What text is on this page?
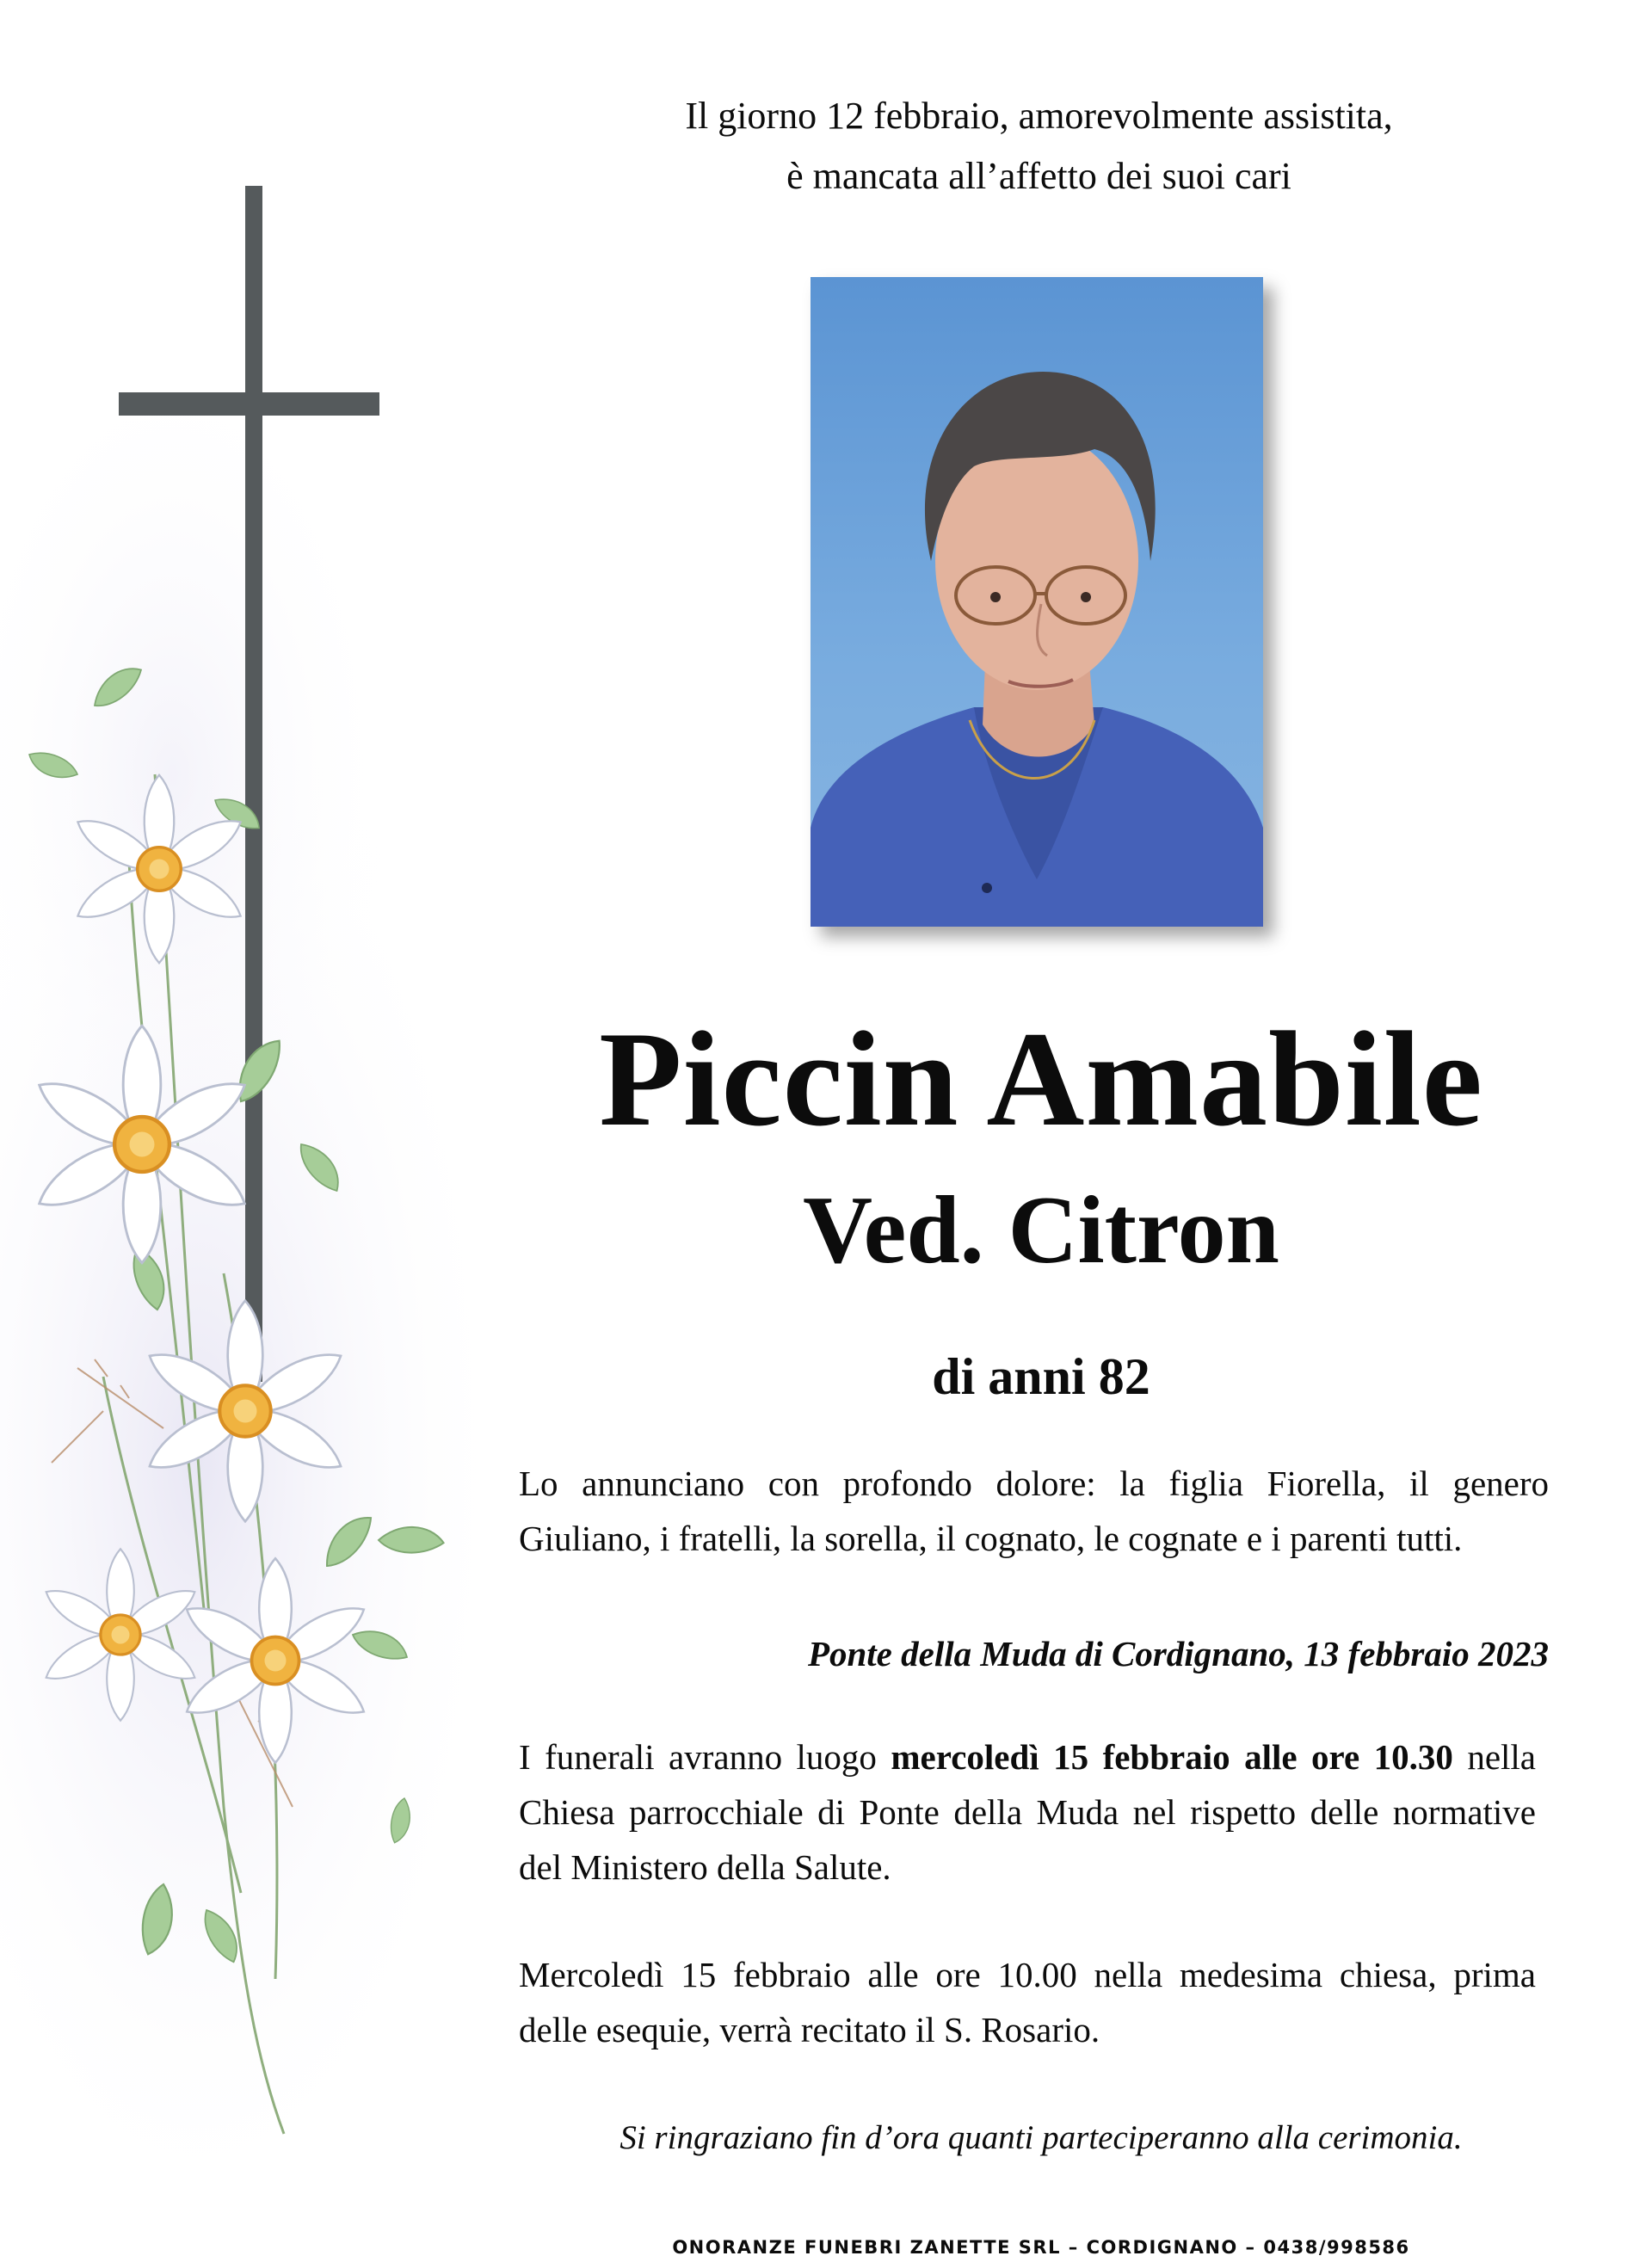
Il giorno 12 febbraio, amorevolmente assistita,
è mancata all’affetto dei suoi cari
Piccin Amabile
Ved. Citron
di anni 82
Lo annunciano con profondo dolore: la figlia Fiorella, il genero Giuliano, i fratelli, la sorella, il cognato, le cognate e i parenti tutti.
Ponte della Muda di Cordignano, 13 febbraio 2023
I funerali avranno luogo mercoledì 15 febbraio alle ore 10.30 nella Chiesa parrocchiale di Ponte della Muda nel rispetto delle normative del Ministero della Salute.
Mercoledì 15 febbraio alle ore 10.00 nella medesima chiesa, prima delle esequie, verrà recitato il S. Rosario.
Si ringraziano fin d’ora quanti parteciperanno alla cerimonia.
ONORANZE FUNEBRI ZANETTE SRL – CORDIGNANO – 0438/998586
